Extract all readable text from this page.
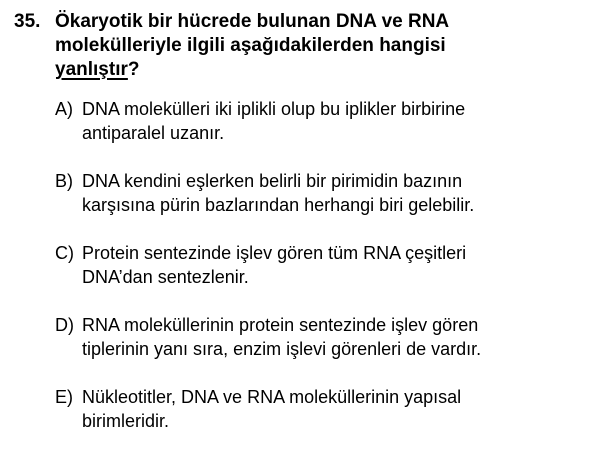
35. Ökaryotik bir hücrede bulunan DNA ve RNA
molekülleriyle ilgili aşağıdakilerden hangisi
yanlıştır?
A) DNA molekülleri iki iplikli olup bu iplikler birbirine
antiparalel uzanır.
B) DNA kendini eşlerken belirli bir pirimidin bazının
karşısına pürin bazlarından herhangi biri gelebilir.
C) Protein sentezinde işlev gören tüm RNA çeşitleri
DNA’dan sentezlenir.
D) RNA moleküllerinin protein sentezinde işlev gören
tiplerinin yanı sıra, enzim işlevi görenleri de vardır.
E) Nükleotitler, DNA ve RNA moleküllerinin yapısal
birimleridir.
